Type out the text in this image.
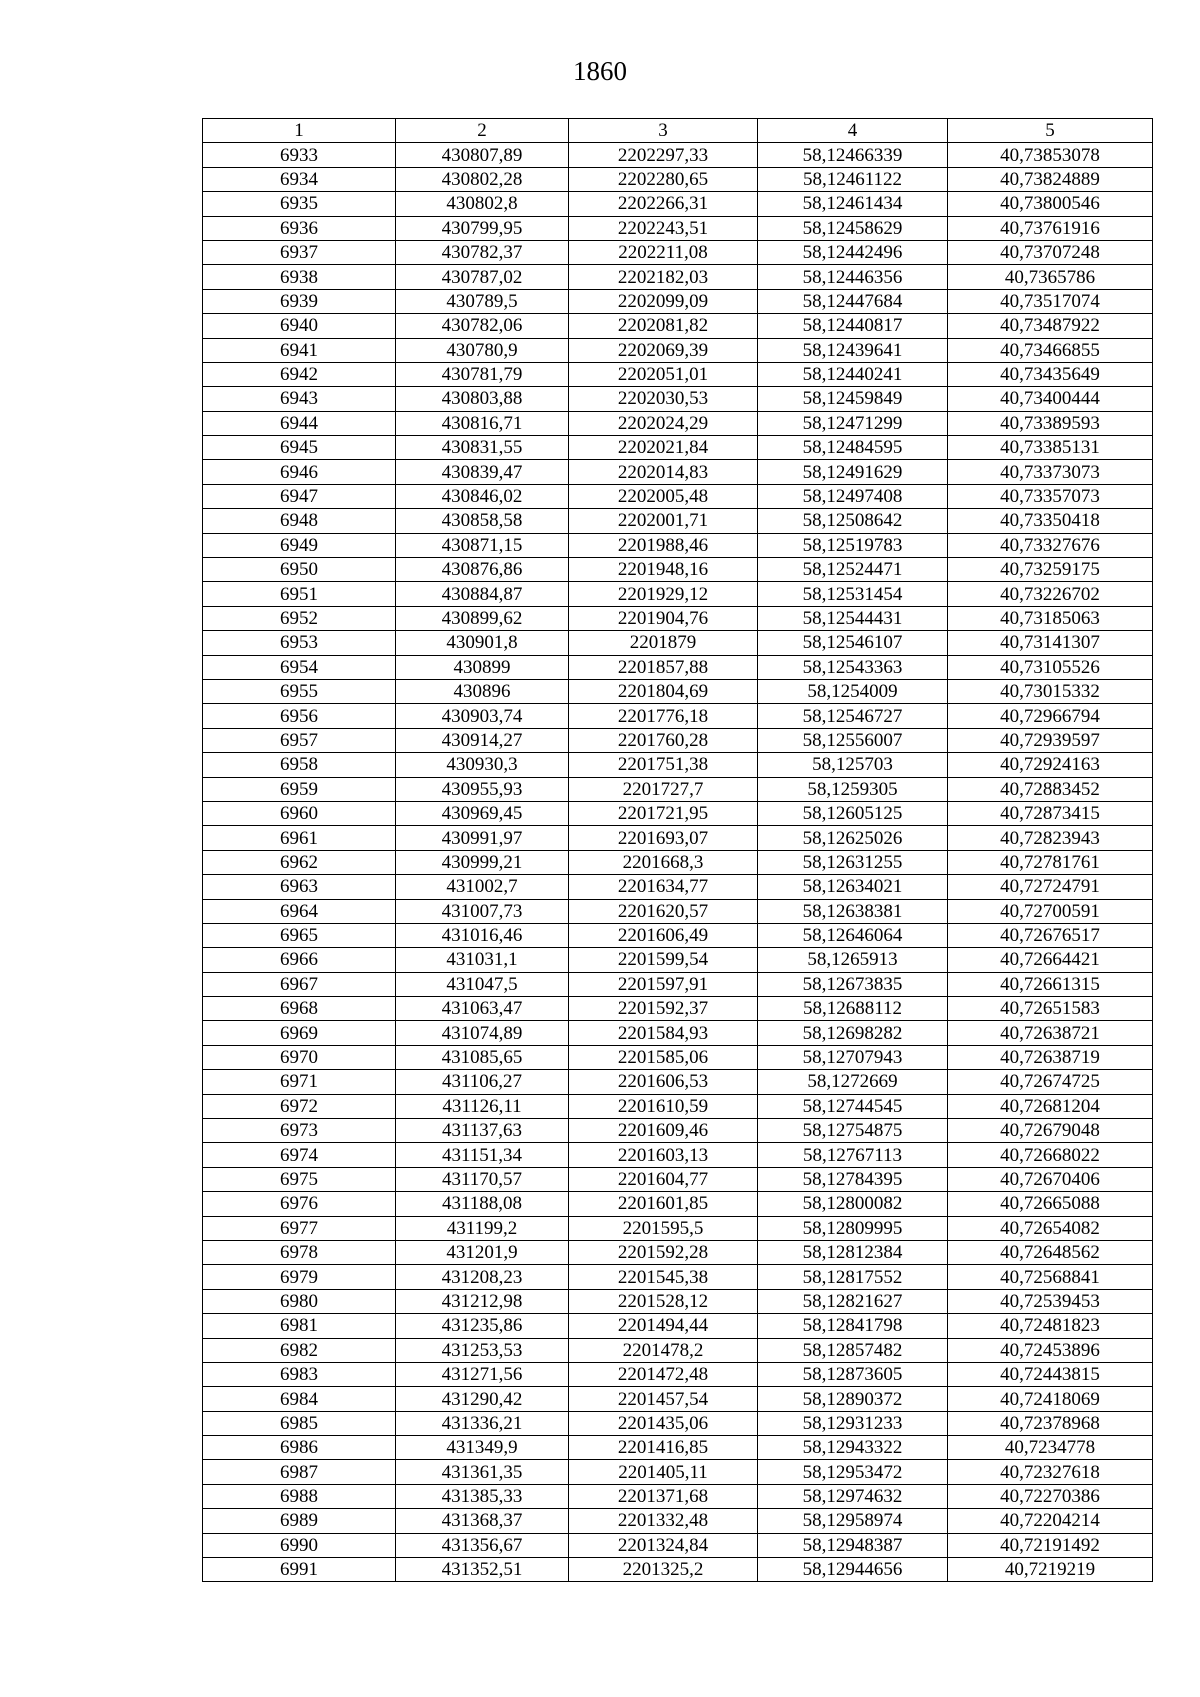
1860
1	2	3	4	5
6933	430807,89	2202297,33	58,12466339	40,73853078
6934	430802,28	2202280,65	58,12461122	40,73824889
6935	430802,8	2202266,31	58,12461434	40,73800546
6936	430799,95	2202243,51	58,12458629	40,73761916
6937	430782,37	2202211,08	58,12442496	40,73707248
6938	430787,02	2202182,03	58,12446356	40,7365786
6939	430789,5	2202099,09	58,12447684	40,73517074
6940	430782,06	2202081,82	58,12440817	40,73487922
6941	430780,9	2202069,39	58,12439641	40,73466855
6942	430781,79	2202051,01	58,12440241	40,73435649
6943	430803,88	2202030,53	58,12459849	40,73400444
6944	430816,71	2202024,29	58,12471299	40,73389593
6945	430831,55	2202021,84	58,12484595	40,73385131
6946	430839,47	2202014,83	58,12491629	40,73373073
6947	430846,02	2202005,48	58,12497408	40,73357073
6948	430858,58	2202001,71	58,12508642	40,73350418
6949	430871,15	2201988,46	58,12519783	40,73327676
6950	430876,86	2201948,16	58,12524471	40,73259175
6951	430884,87	2201929,12	58,12531454	40,73226702
6952	430899,62	2201904,76	58,12544431	40,73185063
6953	430901,8	2201879	58,12546107	40,73141307
6954	430899	2201857,88	58,12543363	40,73105526
6955	430896	2201804,69	58,1254009	40,73015332
6956	430903,74	2201776,18	58,12546727	40,72966794
6957	430914,27	2201760,28	58,12556007	40,72939597
6958	430930,3	2201751,38	58,125703	40,72924163
6959	430955,93	2201727,7	58,1259305	40,72883452
6960	430969,45	2201721,95	58,12605125	40,72873415
6961	430991,97	2201693,07	58,12625026	40,72823943
6962	430999,21	2201668,3	58,12631255	40,72781761
6963	431002,7	2201634,77	58,12634021	40,72724791
6964	431007,73	2201620,57	58,12638381	40,72700591
6965	431016,46	2201606,49	58,12646064	40,72676517
6966	431031,1	2201599,54	58,1265913	40,72664421
6967	431047,5	2201597,91	58,12673835	40,72661315
6968	431063,47	2201592,37	58,12688112	40,72651583
6969	431074,89	2201584,93	58,12698282	40,72638721
6970	431085,65	2201585,06	58,12707943	40,72638719
6971	431106,27	2201606,53	58,1272669	40,72674725
6972	431126,11	2201610,59	58,12744545	40,72681204
6973	431137,63	2201609,46	58,12754875	40,72679048
6974	431151,34	2201603,13	58,12767113	40,72668022
6975	431170,57	2201604,77	58,12784395	40,72670406
6976	431188,08	2201601,85	58,12800082	40,72665088
6977	431199,2	2201595,5	58,12809995	40,72654082
6978	431201,9	2201592,28	58,12812384	40,72648562
6979	431208,23	2201545,38	58,12817552	40,72568841
6980	431212,98	2201528,12	58,12821627	40,72539453
6981	431235,86	2201494,44	58,12841798	40,72481823
6982	431253,53	2201478,2	58,12857482	40,72453896
6983	431271,56	2201472,48	58,12873605	40,72443815
6984	431290,42	2201457,54	58,12890372	40,72418069
6985	431336,21	2201435,06	58,12931233	40,72378968
6986	431349,9	2201416,85	58,12943322	40,7234778
6987	431361,35	2201405,11	58,12953472	40,72327618
6988	431385,33	2201371,68	58,12974632	40,72270386
6989	431368,37	2201332,48	58,12958974	40,72204214
6990	431356,67	2201324,84	58,12948387	40,72191492
6991	431352,51	2201325,2	58,12944656	40,7219219
